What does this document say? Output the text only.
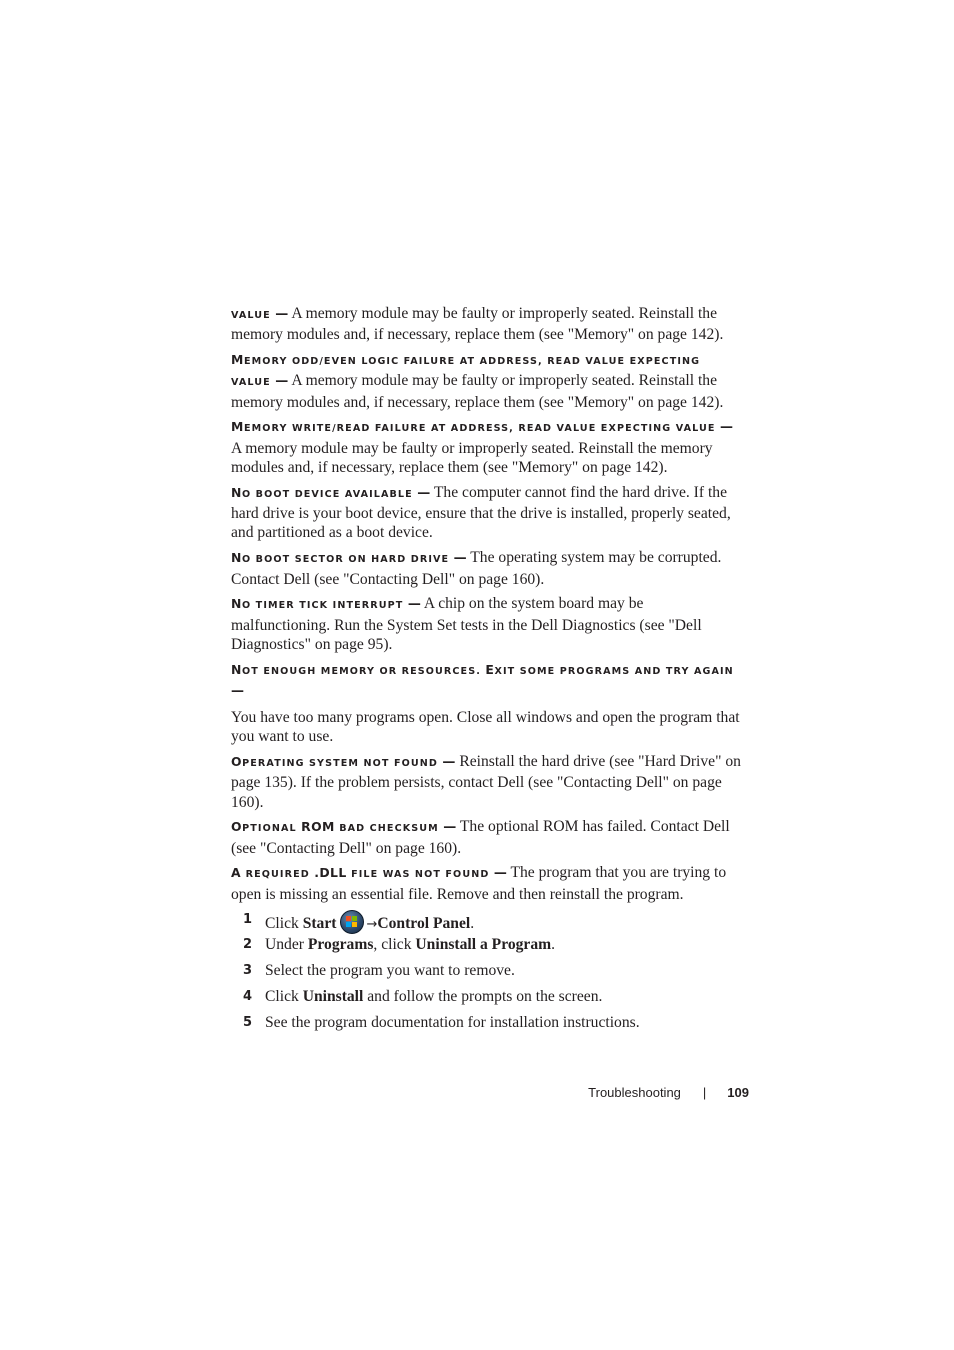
VALUE — A memory module may be faulty or improperly seated. Reinstall the memory modules and, if necessary, replace them (see "Memory" on page 142).

MEMORY ODD/EVEN LOGIC FAILURE AT ADDRESS, READ VALUE EXPECTING
VALUE — A memory module may be faulty or improperly seated. Reinstall the memory modules and, if necessary, replace them (see "Memory" on page 142).

MEMORY WRITE/READ FAILURE AT ADDRESS, READ VALUE EXPECTING VALUE — A memory module may be faulty or improperly seated. Reinstall the memory modules and, if necessary, replace them (see "Memory" on page 142).

NO BOOT DEVICE AVAILABLE — The computer cannot find the hard drive. If the hard drive is your boot device, ensure that the drive is installed, properly seated, and partitioned as a boot device.

NO BOOT SECTOR ON HARD DRIVE — The operating system may be corrupted. Contact Dell (see "Contacting Dell" on page 160).

NO TIMER TICK INTERRUPT — A chip on the system board may be malfunctioning. Run the System Set tests in the Dell Diagnostics (see "Dell Diagnostics" on page 95).

NOT ENOUGH MEMORY OR RESOURCES. EXIT SOME PROGRAMS AND TRY AGAIN —

You have too many programs open. Close all windows and open the program that you want to use.

OPERATING SYSTEM NOT FOUND — Reinstall the hard drive (see "Hard Drive" on page 135). If the problem persists, contact Dell (see "Contacting Dell" on page 160).

OPTIONAL ROM BAD CHECKSUM — The optional ROM has failed. Contact Dell (see "Contacting Dell" on page 160).

A REQUIRED .DLL FILE WAS NOT FOUND — The program that you are trying to open is missing an essential file. Remove and then reinstall the program.

1 Click Start →Control Panel.
2 Under Programs, click Uninstall a Program.
3 Select the program you want to remove.
4 Click Uninstall and follow the prompts on the screen.
5 See the program documentation for installation instructions.
Troubleshooting | 109
